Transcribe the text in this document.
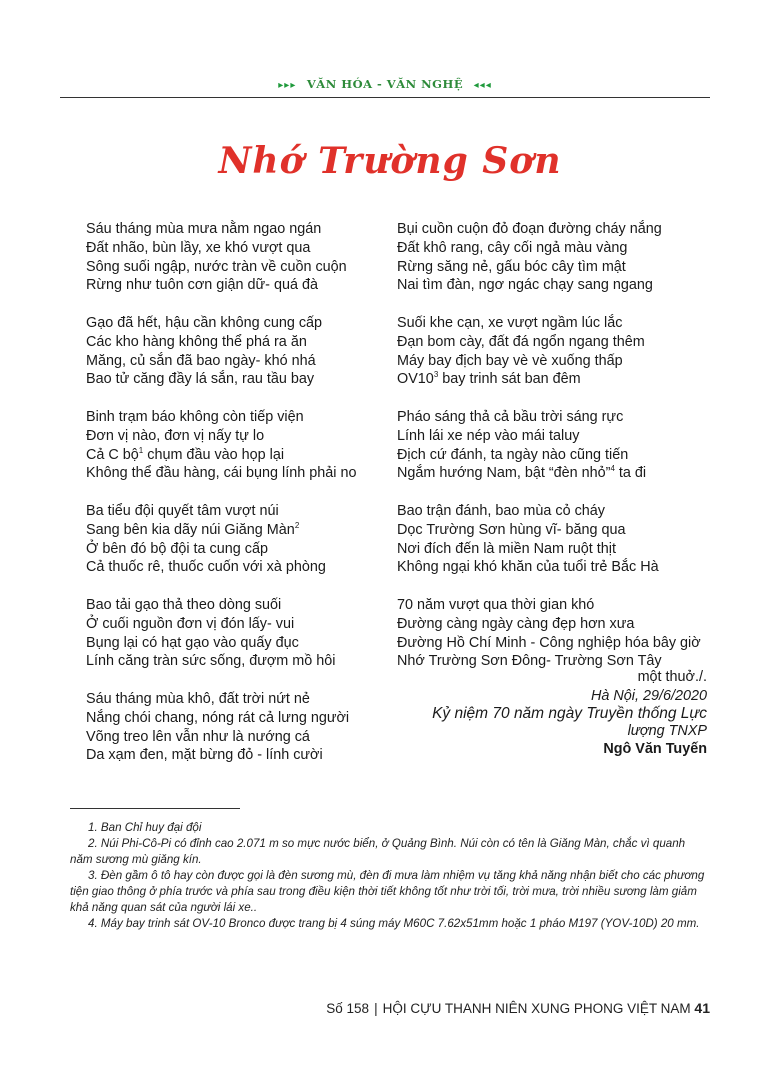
▸▸▸ VĂN HÓA - VĂN NGHỆ ◂◂◂
Nhớ Trường Sơn
Sáu tháng mùa mưa nằm ngao ngán
Đất nhão, bùn lầy, xe khó vượt qua
Sông suối ngập, nước tràn về cuồn cuộn
Rừng như tuôn cơn giận dữ- quá đà
Gạo đã hết, hậu cần không cung cấp
Các kho hàng không thể phá ra ăn
Măng, củ sắn đã bao ngày- khó nhá
Bao tử căng đầy lá sắn, rau tầu bay
Binh trạm báo không còn tiếp viện
Đơn vị nào, đơn vị nấy tự lo
Cả C bộ$^1$ chụm đầu vào họp lại
Không thể đầu hàng, cái bụng lính phải no
Ba tiểu đội quyết tâm vượt núi
Sang bên kia dãy núi Giăng Màn$^2$
Ở bên đó bộ đội ta cung cấp
Cả thuốc rê, thuốc cuốn với xà phòng
Bao tải gạo thả theo dòng suối
Ở cuối nguồn đơn vị đón lấy- vui
Bụng lại có hạt gạo vào quấy đục
Lính căng tràn sức sống, đượm mồ hôi
Sáu tháng mùa khô, đất trời nứt nẻ
Nắng chói chang, nóng rát cả lưng người
Võng treo lên vẫn như là nướng cá
Da xạm đen, mặt bừng đỏ - lính cười
Bụi cuồn cuộn đỏ đoạn đường cháy nắng
Đất khô rang, cây cối ngả màu vàng
Rừng săng nẻ, gấu bóc cây tìm mật
Nai tìm đàn, ngơ ngác chạy sang ngang
Suối khe cạn, xe vượt ngầm lúc lắc
Đạn bom cày, đất đá ngổn ngang thêm
Máy bay địch bay vè vè xuống thấp
$OV10^3$ bay trinh sát ban đêm
Pháo sáng thả cả bầu trời sáng rực
Lính lái xe nép vào mái taluy
Địch cứ đánh, ta ngày nào cũng tiến
Ngắm hướng Nam, bật “đèn nhỏ”$^4$ ta đi
Bao trận đánh, bao mùa cỏ cháy
Dọc Trường Sơn hùng vĩ- băng qua
Nơi đích đến là miền Nam ruột thịt
Không ngại khó khăn của tuổi trẻ Bắc Hà
70 năm vượt qua thời gian khó
Đường càng ngày càng đẹp hơn xưa
Đường Hồ Chí Minh - Công nghiệp hóa bây giờ
Nhớ Trường Sơn Đông- Trường Sơn Tây
một thuở./.
Hà Nội, 29/6/2020
Kỷ niệm 70 năm ngày Truyền thống Lực
lượng TNXP
Ngô Văn Tuyến

1. Ban Chỉ huy đại đội

2. Núi Phi-Cô-Pi có đỉnh cao 2.071 m so mực nước biển, ở Quảng Bình. Núi còn có tên là Giăng Màn, chắc vì quanh năm sương mù giăng kín.

3. Đèn gầm ô tô hay còn được gọi là đèn sương mù, đèn đi mưa làm nhiệm vụ tăng khả năng nhận biết cho các phương tiện giao thông ở phía trước và phía sau trong điều kiện thời tiết không tốt như trời tối, trời mưa, trời nhiều sương làm giảm khả năng quan sát của người lái xe..

4. Máy bay trinh sát OV-10 Bronco được trang bị 4 súng máy M60C 7.62x51mm hoặc 1 pháo M197 (YOV-10D) 20 mm.

Số 158 | HỘI CỰU THANH NIÊN XUNG PHONG VIỆT NAM 41
